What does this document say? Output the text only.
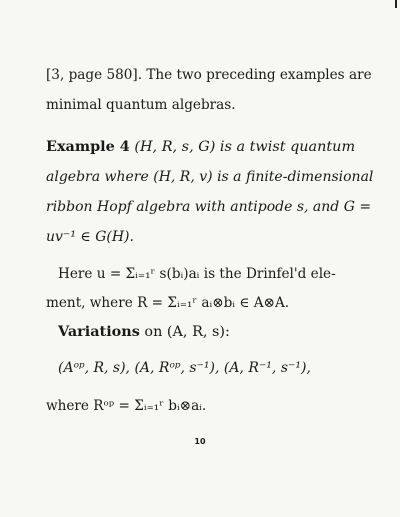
[3, page 580]. The two preceding examples are
minimal quantum algebras.
Example 4 (H, R, s, G) is a twist quantum
algebra where (H, R, v) is a finite-dimensional
ribbon Hopf algebra with antipode s, and G =
uv⁻¹ ∈ G(H).
Here u = Σᵢ₌₁ʳ s(bᵢ)aᵢ is the Drinfel'd ele-
ment, where R = Σᵢ₌₁ʳ aᵢ⊗bᵢ ∈ A⊗A.
Variations on (A, R, s):
(Aᵒᵖ, R, s), (A, Rᵒᵖ, s⁻¹), (A, R⁻¹, s⁻¹),
where Rᵒᵖ = Σᵢ₌₁ʳ bᵢ⊗aᵢ.
10
